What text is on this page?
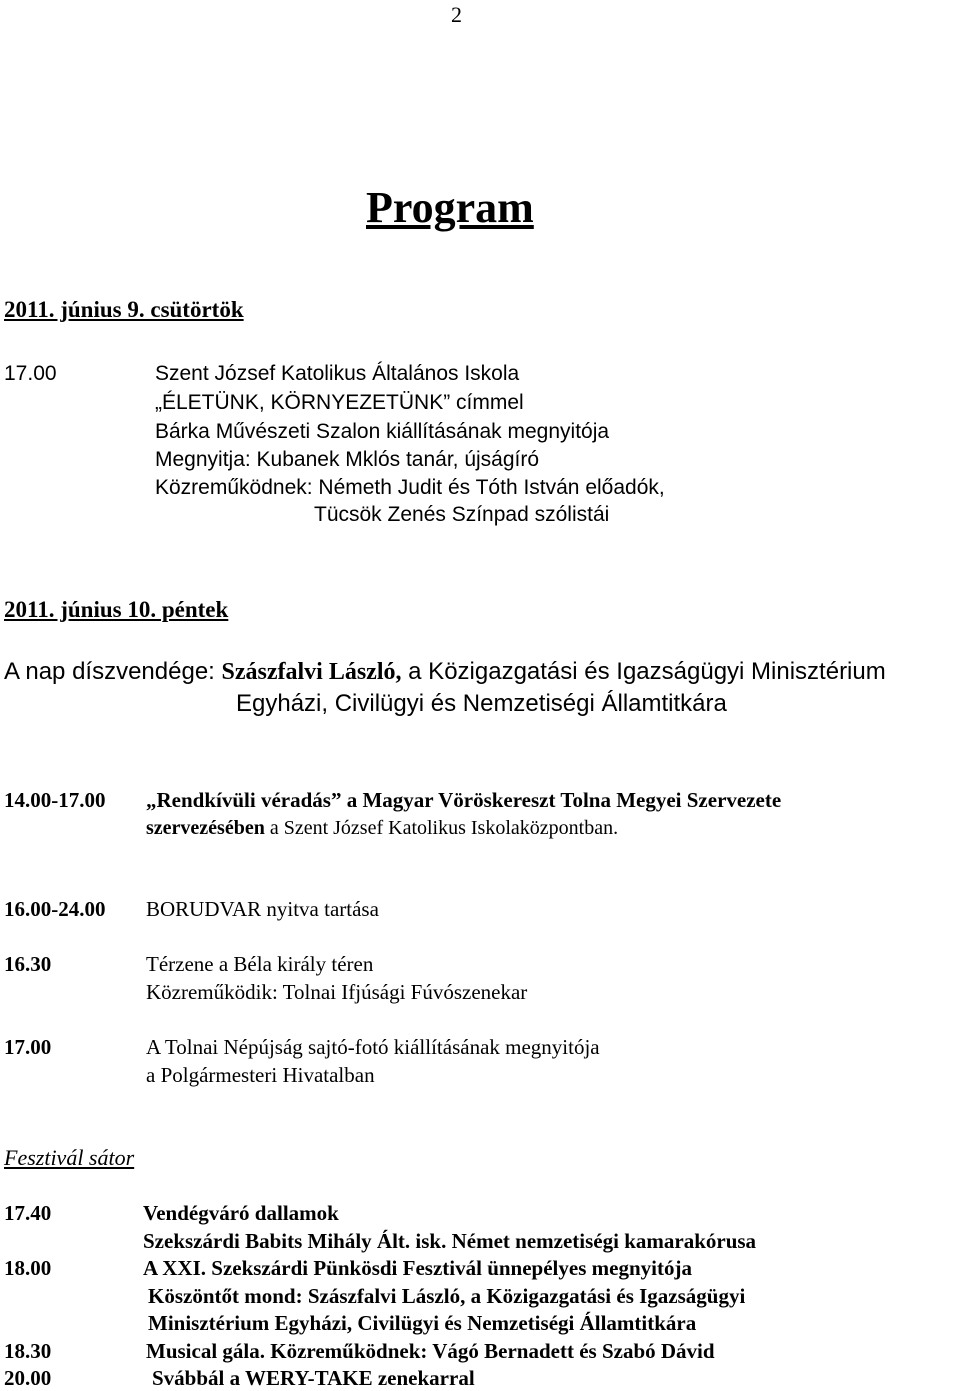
2
Program
2011. június 9. csütörtök
17.00	Szent József Katolikus Általános Iskola
„ÉLETÜNK, KÖRNYEZETÜNK” címmel
Bárka Művészeti Szalon kiállításának megnyitója
Megnyitja: Kubanek Mklós tanár, újságíró
Közreműködnek: Németh Judit és Tóth István előadók,
Tücsök Zenés Színpad szólistái
2011. június 10. péntek
A nap díszvendége: Szászfalvi László, a Közigazgatási és Igazságügyi Minisztérium
Egyházi, Civilügyi és Nemzetiségi Államtitkára
14.00-17.00 „Rendkívüli véradás” a Magyar Vöröskereszt Tolna Megyei Szervezete
szervezésében a Szent József Katolikus Iskolaközpontban.
16.00-24.00 BORUDVAR nyitva tartása
16.30	Térzene a Béla király téren
Közreműködik: Tolnai Ifjúsági Fúvószenekar
17.00	A Tolnai Népújság sajtó-fotó kiállításának megnyitója
a Polgármesteri Hivatalban
Fesztivál sátor
17.40	Vendégváró dallamok
Szekszárdi Babits Mihály Ált. isk. Német nemzetiségi kamarakórusa
18.00	A XXI. Szekszárdi Pünkösdi Fesztivál ünnepélyes megnyitója
Köszöntőt mond: Szászfalvi László, a Közigazgatási és Igazságügyi
Minisztérium Egyházi, Civilügyi és Nemzetiségi Államtitkára
18.30	Musical gála. Közreműködnek: Vágó Bernadett és Szabó Dávid
20.00	Svábbál a WERY-TAKE zenekarral
